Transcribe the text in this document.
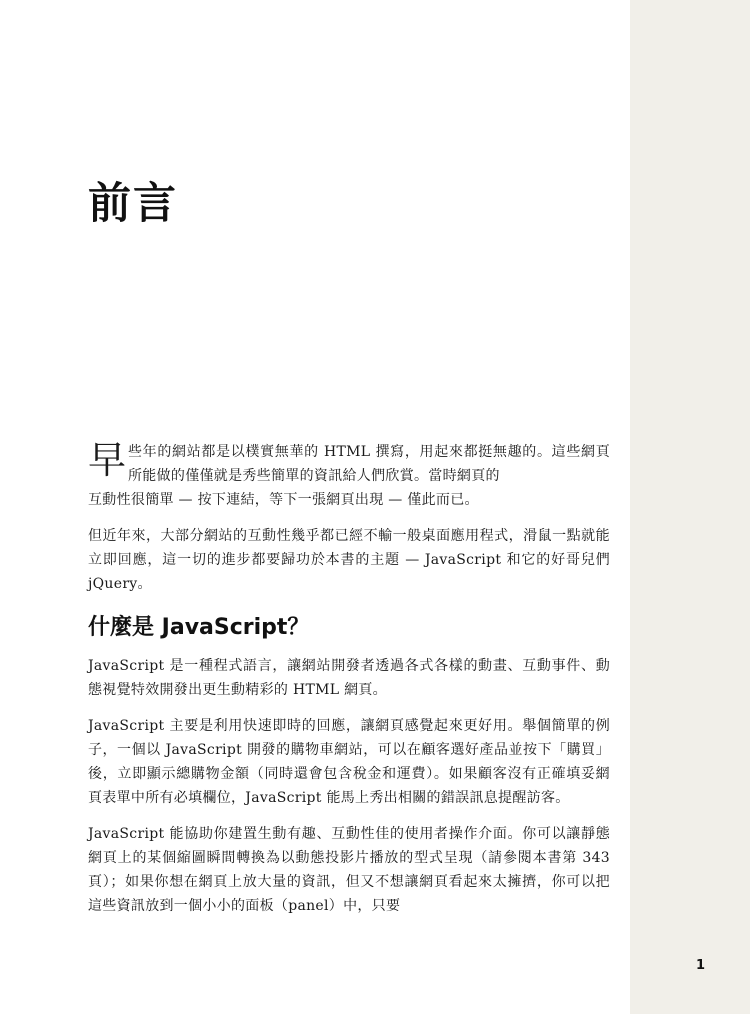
前言

早 些年的網站都是以樸實無華的 HTML 撰寫，用起來都挺無趣的。這些網頁所能做的僅僅就是秀些簡單的資訊給人們欣賞。當時網頁的
互動性很簡單 — 按下連結，等下一張網頁出現 — 僅此而已。

但近年來，大部分網站的互動性幾乎都已經不輸一般桌面應用程式，滑鼠一點就能立即回應，這一切的進步都要歸功於本書的主題 — JavaScript 和它的好哥兒們 jQuery。

什麼是 JavaScript？

JavaScript 是一種程式語言，讓網站開發者透過各式各樣的動畫、互動事件、動態視覺特效開發出更生動精彩的 HTML 網頁。

JavaScript 主要是利用快速即時的回應，讓網頁感覺起來更好用。舉個簡單的例子，一個以 JavaScript 開發的購物車網站，可以在顧客選好產品並按下「購買」後，立即顯示總購物金額（同時還會包含稅金和運費）。如果顧客沒有正確填妥網頁表單中所有必填欄位，JavaScript 能馬上秀出相關的錯誤訊息提醒訪客。

JavaScript 能協助你建置生動有趣、互動性佳的使用者操作介面。你可以讓靜態網頁上的某個縮圖瞬間轉換為以動態投影片播放的型式呈現（請參閱本書第 343 頁）；如果你想在網頁上放大量的資訊，但又不想讓網頁看起來太擁擠，你可以把這些資訊放到一個小小的面板（panel）中，只要

1
